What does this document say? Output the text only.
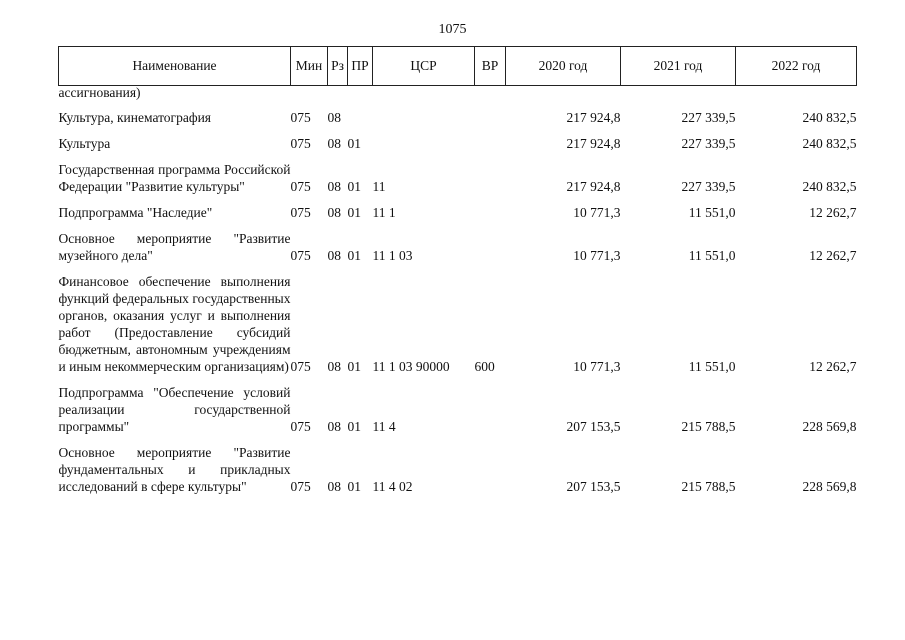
1075
Наименование	Мин	Рз	ПР	ЦСР	ВР	2020 год	2021 год	2022 год
ассигнования)								

Культура, кинематография	075	08				217 924,8	227 339,5	240 832,5

Культура	075	08	01			217 924,8	227 339,5	240 832,5

Государственная программа Российской Федерации "Развитие культуры"	075	08	01	11		217 924,8	227 339,5	240 832,5

Подпрограмма "Наследие"	075	08	01	11 1		10 771,3	11 551,0	12 262,7

Основное мероприятие "Развитие музейного дела"	075	08	01	11 1 03		10 771,3	11 551,0	12 262,7

Финансовое обеспечение выполнения функций федеральных государственных органов, оказания услуг и выполнения работ (Предоставление субсидий бюджетным, автономным учреждениям и иным некоммерческим организациям)	075	08	01	11 1 03 90000	600	10 771,3	11 551,0	12 262,7

Подпрограмма "Обеспечение условий реализации государственной программы"	075	08	01	11 4		207 153,5	215 788,5	228 569,8

Основное мероприятие "Развитие фундаментальных и прикладных исследований в сфере культуры"	075	08	01	11 4 02		207 153,5	215 788,5	228 569,8
